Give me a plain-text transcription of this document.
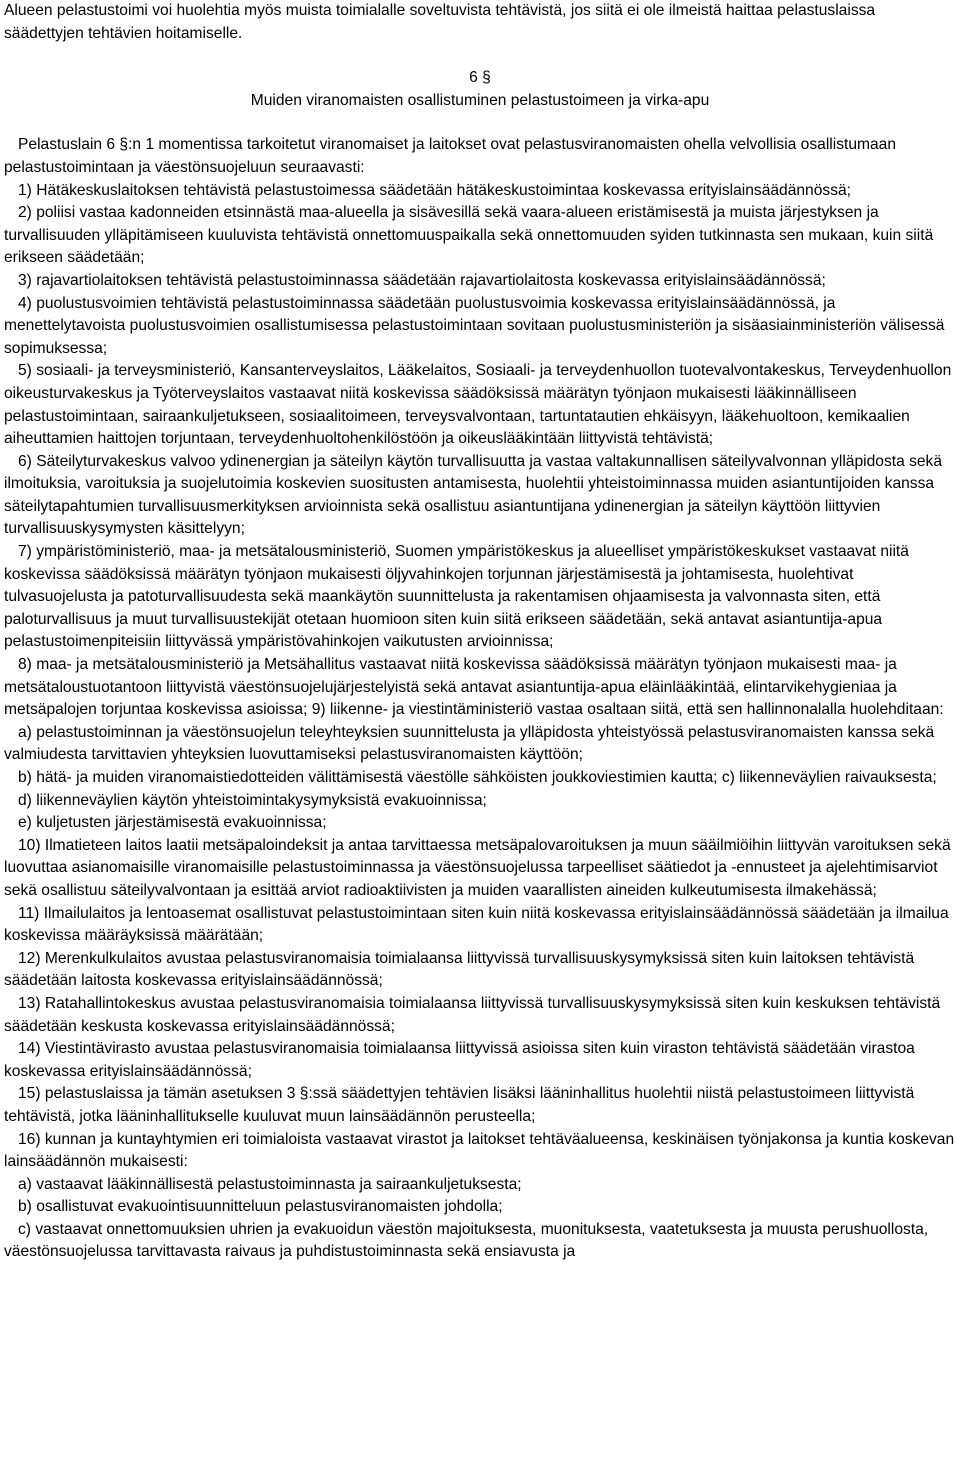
Alueen pelastustoimi voi huolehtia myös muista toimialalle soveltuvista tehtävistä, jos siitä ei ole ilmeistä haittaa pelastuslaissa säädettyjen tehtävien hoitamiselle.

6 §

Muiden viranomaisten osallistuminen pelastustoimeen ja virka-apu

Pelastuslain 6 §:n 1 momentissa tarkoitetut viranomaiset ja laitokset ovat pelastusviranomaisten ohella velvollisia osallistumaan pelastustoimintaan ja väestönsuojeluun seuraavasti:

1) Hätäkeskuslaitoksen tehtävistä pelastustoimessa säädetään hätäkeskustoimintaa koskevassa erityislainsäädännössä;

2) poliisi vastaa kadonneiden etsinnästä maa-alueella ja sisävesillä sekä vaara-alueen eristämisestä ja muista järjestyksen ja turvallisuuden ylläpitämiseen kuuluvista tehtävistä onnettomuuspaikalla sekä onnettomuuden syiden tutkinnasta sen mukaan, kuin siitä erikseen säädetään;

3) rajavartiolaitoksen tehtävistä pelastustoiminnassa säädetään rajavartiolaitosta koskevassa erityislainsäädännössä;

4) puolustusvoimien tehtävistä pelastustoiminnassa säädetään puolustusvoimia koskevassa erityislainsäädännössä, ja menettelytavoista puolustusvoimien osallistumisessa pelastustoimintaan sovitaan puolustusministeriön ja sisäasiainministeriön välisessä sopimuksessa;

5) sosiaali- ja terveysministeriö, Kansanterveyslaitos, Lääkelaitos, Sosiaali- ja terveydenhuollon tuotevalvontakeskus, Terveydenhuollon oikeusturvakeskus ja Työterveyslaitos vastaavat niitä koskevissa säädöksissä määrätyn työnjaon mukaisesti lääkinnälliseen pelastustoimintaan, sairaankuljetukseen, sosiaalitoimeen, terveysvalvontaan, tartuntatautien ehkäisyyn, lääkehuoltoon, kemikaalien aiheuttamien haittojen torjuntaan, terveydenhuoltohenkilöstöön ja oikeuslääkintään liittyvistä tehtävistä;

6) Säteilyturvakeskus valvoo ydinenergian ja säteilyn käytön turvallisuutta ja vastaa valtakunnallisen säteilyvalvonnan ylläpidosta sekä ilmoituksia, varoituksia ja suojelutoimia koskevien suositusten antamisesta, huolehtii yhteistoiminnassa muiden asiantuntijoiden kanssa säteilytapahtumien turvallisuusmerkityksen arvioinnista sekä osallistuu asiantuntijana ydinenergian ja säteilyn käyttöön liittyvien turvallisuuskysymysten käsittelyyn;

7) ympäristöministeriö, maa- ja metsätalousministeriö, Suomen ympäristökeskus ja alueelliset ympäristökeskukset vastaavat niitä koskevissa säädöksissä määrätyn työnjaon mukaisesti öljyvahinkojen torjunnan järjestämisestä ja johtamisesta, huolehtivat tulvasuojelusta ja patoturvallisuudesta sekä maankäytön suunnittelusta ja rakentamisen ohjaamisesta ja valvonnasta siten, että paloturvallisuus ja muut turvallisuustekijät otetaan huomioon siten kuin siitä erikseen säädetään, sekä antavat asiantuntija-apua pelastustoimenpiteisiin liittyvässä ympäristövahinkojen vaikutusten arvioinnissa;

8) maa- ja metsätalousministeriö ja Metsähallitus vastaavat niitä koskevissa säädöksissä määrätyn työnjaon mukaisesti maa- ja metsätaloustuotantoon liittyvistä väestönsuojelujärjestelyistä sekä antavat asiantuntija-apua eläinlääkintää, elintarvikehygieniaa ja metsäpalojen torjuntaa koskevissa asioissa; 9) liikenne- ja viestintäministeriö vastaa osaltaan siitä, että sen hallinnonalalla huolehditaan:

a) pelastustoiminnan ja väestönsuojelun teleyhteyksien suunnittelusta ja ylläpidosta yhteistyössä pelastusviranomaisten kanssa sekä valmiudesta tarvittavien yhteyksien luovuttamiseksi pelastusviranomaisten käyttöön;

b) hätä- ja muiden viranomaistiedotteiden välittämisestä väestölle sähköisten joukkoviestimien kautta; c) liikenneväylien raivauksesta;

d) liikenneväylien käytön yhteistoimintakysymyksistä evakuoinnissa;

e) kuljetusten järjestämisestä evakuoinnissa;

10) Ilmatieteen laitos laatii metsäpaloindeksit ja antaa tarvittaessa metsäpalovaroituksen ja muun sääilmiöihin liittyvän varoituksen sekä luovuttaa asianomaisille viranomaisille pelastustoiminnassa ja väestönsuojelussa tarpeelliset säätiedot ja -ennusteet ja ajelehtimisarviot sekä osallistuu säteilyvalvontaan ja esittää arviot radioaktiivisten ja muiden vaarallisten aineiden kulkeutumisesta ilmakehässä;

11) Ilmailulaitos ja lentoasemat osallistuvat pelastustoimintaan siten kuin niitä koskevassa erityislainsäädännössä säädetään ja ilmailua koskevissa määräyksissä määrätään;

12) Merenkulkulaitos avustaa pelastusviranomaisia toimialaansa liittyvissä turvallisuuskysymyksissä siten kuin laitoksen tehtävistä säädetään laitosta koskevassa erityislainsäädännössä;

13) Ratahallintokeskus avustaa pelastusviranomaisia toimialaansa liittyvissä turvallisuuskysymyksissä siten kuin keskuksen tehtävistä säädetään keskusta koskevassa erityislainsäädännössä;

14) Viestintävirasto avustaa pelastusviranomaisia toimialaansa liittyvissä asioissa siten kuin viraston tehtävistä säädetään virastoa koskevassa erityislainsäädännössä;

15) pelastuslaissa ja tämän asetuksen 3 §:ssä säädettyjen tehtävien lisäksi lääninhallitus huolehtii niistä pelastustoimeen liittyvistä tehtävistä, jotka lääninhallitukselle kuuluvat muun lainsäädännön perusteella;

16) kunnan ja kuntayhtymien eri toimialoista vastaavat virastot ja laitokset tehtäväalueensa, keskinäisen työnjakonsa ja kuntia koskevan lainsäädännön mukaisesti:

a) vastaavat lääkinnällisestä pelastustoiminnasta ja sairaankuljetuksesta;

b) osallistuvat evakuointisuunnitteluun pelastusviranomaisten johdolla;

c) vastaavat onnettomuuksien uhrien ja evakuoidun väestön majoituksesta, muonituksesta, vaatetuksesta ja muusta perushuollosta, väestönsuojelussa tarvittavasta raivaus ja puhdistustoiminnasta sekä ensiavusta ja
